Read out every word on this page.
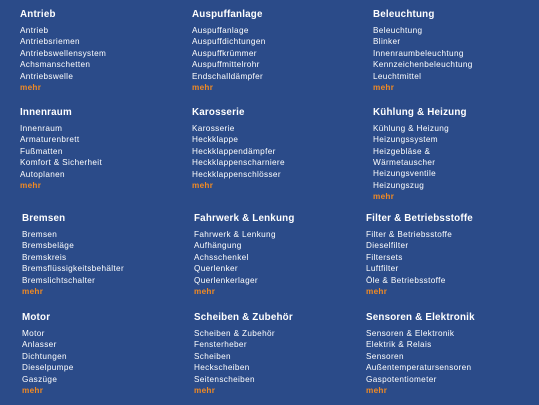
Antrieb
Antrieb
Antriebsriemen
Antriebswellensystem
Achsmanschetten
Antriebswelle
mehr
Auspuffanlage
Auspuffanlage
Auspuffdichtungen
Auspuffkrümmer
Auspuffmittelrohr
Endschalldämpfer
mehr
Beleuchtung
Beleuchtung
Blinker
Innenraumbeleuchtung
Kennzeichenbeleuchtung
Leuchtmittel
mehr
Innenraum
Innenraum
Armaturenbrett
Fußmatten
Komfort & Sicherheit
Autoplanen
mehr
Karosserie
Karosserie
Heckklappe
Heckklappendämpfer
Heckklappenscharniere
Heckklappenschlösser
mehr
Kühlung & Heizung
Kühlung & Heizung
Heizungssystem
Heizgebläse & Wärmetauscher
Heizungsventile
Heizungszug
mehr
Bremsen
Bremsen
Bremsbeläge
Bremskreis
Bremsflüssigkeitsbehälter
Bremslichtschalter
mehr
Fahrwerk & Lenkung
Fahrwerk & Lenkung
Aufhängung
Achsschenkel
Querlenker
Querlenkerlager
mehr
Filter & Betriebsstoffe
Filter & Betriebsstoffe
Dieselfilter
Filtersets
Luftfilter
Öle & Betriebsstoffe
mehr
Motor
Motor
Anlasser
Dichtungen
Dieselpumpe
Gaszüge
mehr
Scheiben & Zubehör
Scheiben & Zubehör
Fensterheber
Scheiben
Heckscheiben
Seitenscheiben
mehr
Sensoren & Elektronik
Sensoren & Elektronik
Elektrik & Relais
Sensoren
Außentemperatursensoren
Gaspotentiometer
mehr
